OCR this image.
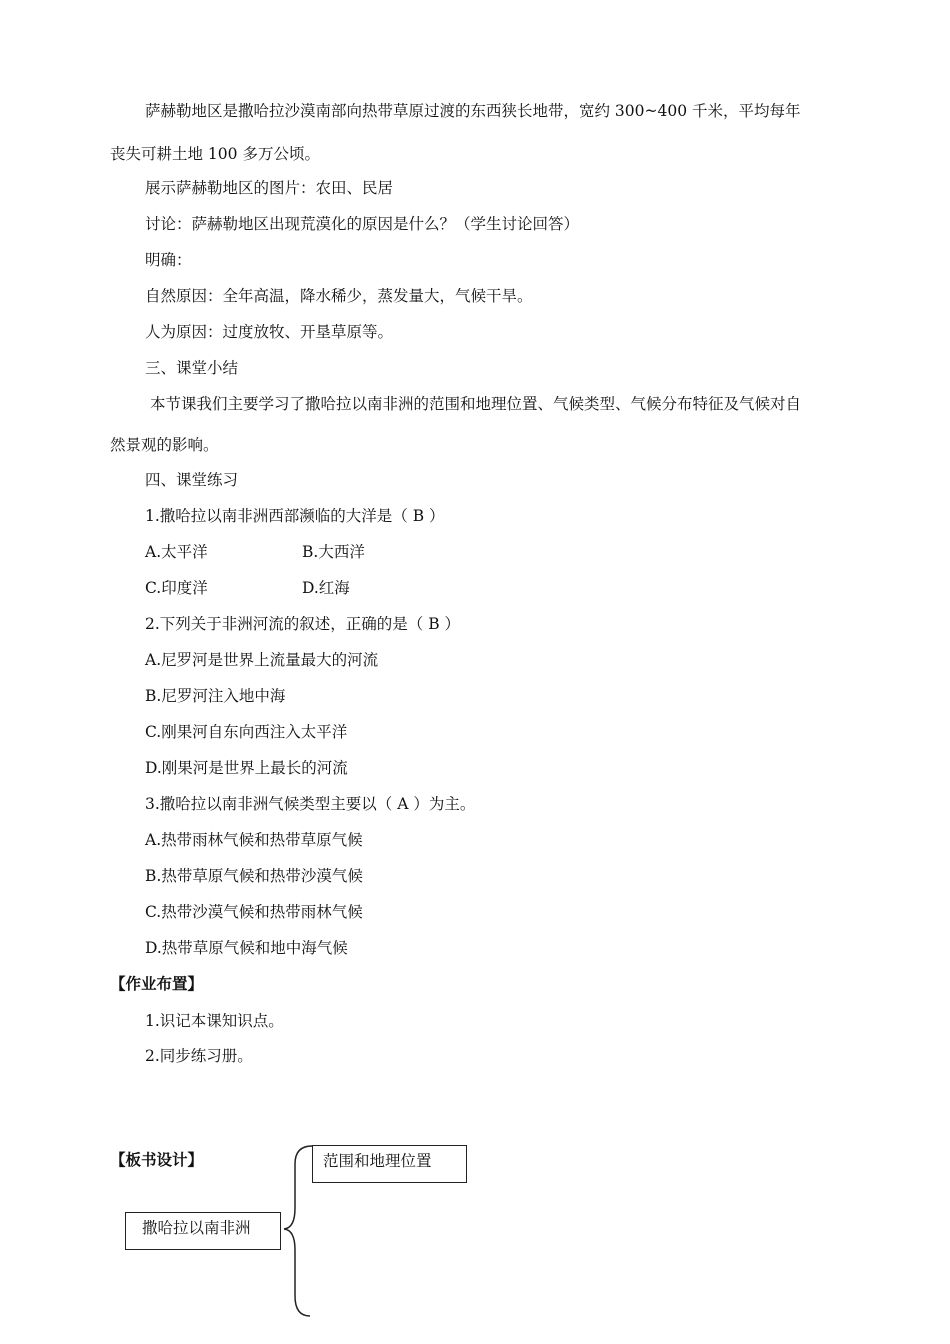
萨赫勒地区是撒哈拉沙漠南部向热带草原过渡的东西狭长地带，宽约 300~400 千米，平均每年
丧失可耕土地 100 多万公顷。
展示萨赫勒地区的图片：农田、民居
讨论：萨赫勒地区出现荒漠化的原因是什么？（学生讨论回答）
明确：
自然原因：全年高温，降水稀少，蒸发量大，气候干旱。
人为原因：过度放牧、开垦草原等。
三、课堂小结
本节课我们主要学习了撒哈拉以南非洲的范围和地理位置、气候类型、气候分布特征及气候对自
然景观的影响。
四、课堂练习
1.撒哈拉以南非洲西部濒临的大洋是（ B ）
A.太平洋	B.大西洋
C.印度洋	D.红海
2.下列关于非洲河流的叙述，正确的是（ B ）
A.尼罗河是世界上流量最大的河流
B.尼罗河注入地中海
C.刚果河自东向西注入太平洋
D.刚果河是世界上最长的河流
3.撒哈拉以南非洲气候类型主要以（ A ）为主。
A.热带雨林气候和热带草原气候
B.热带草原气候和热带沙漠气候
C.热带沙漠气候和热带雨林气候
D.热带草原气候和地中海气候
【作业布置】
1.识记本课知识点。
2.同步练习册。
【板书设计】	范围和地理位置
撒哈拉以南非洲
